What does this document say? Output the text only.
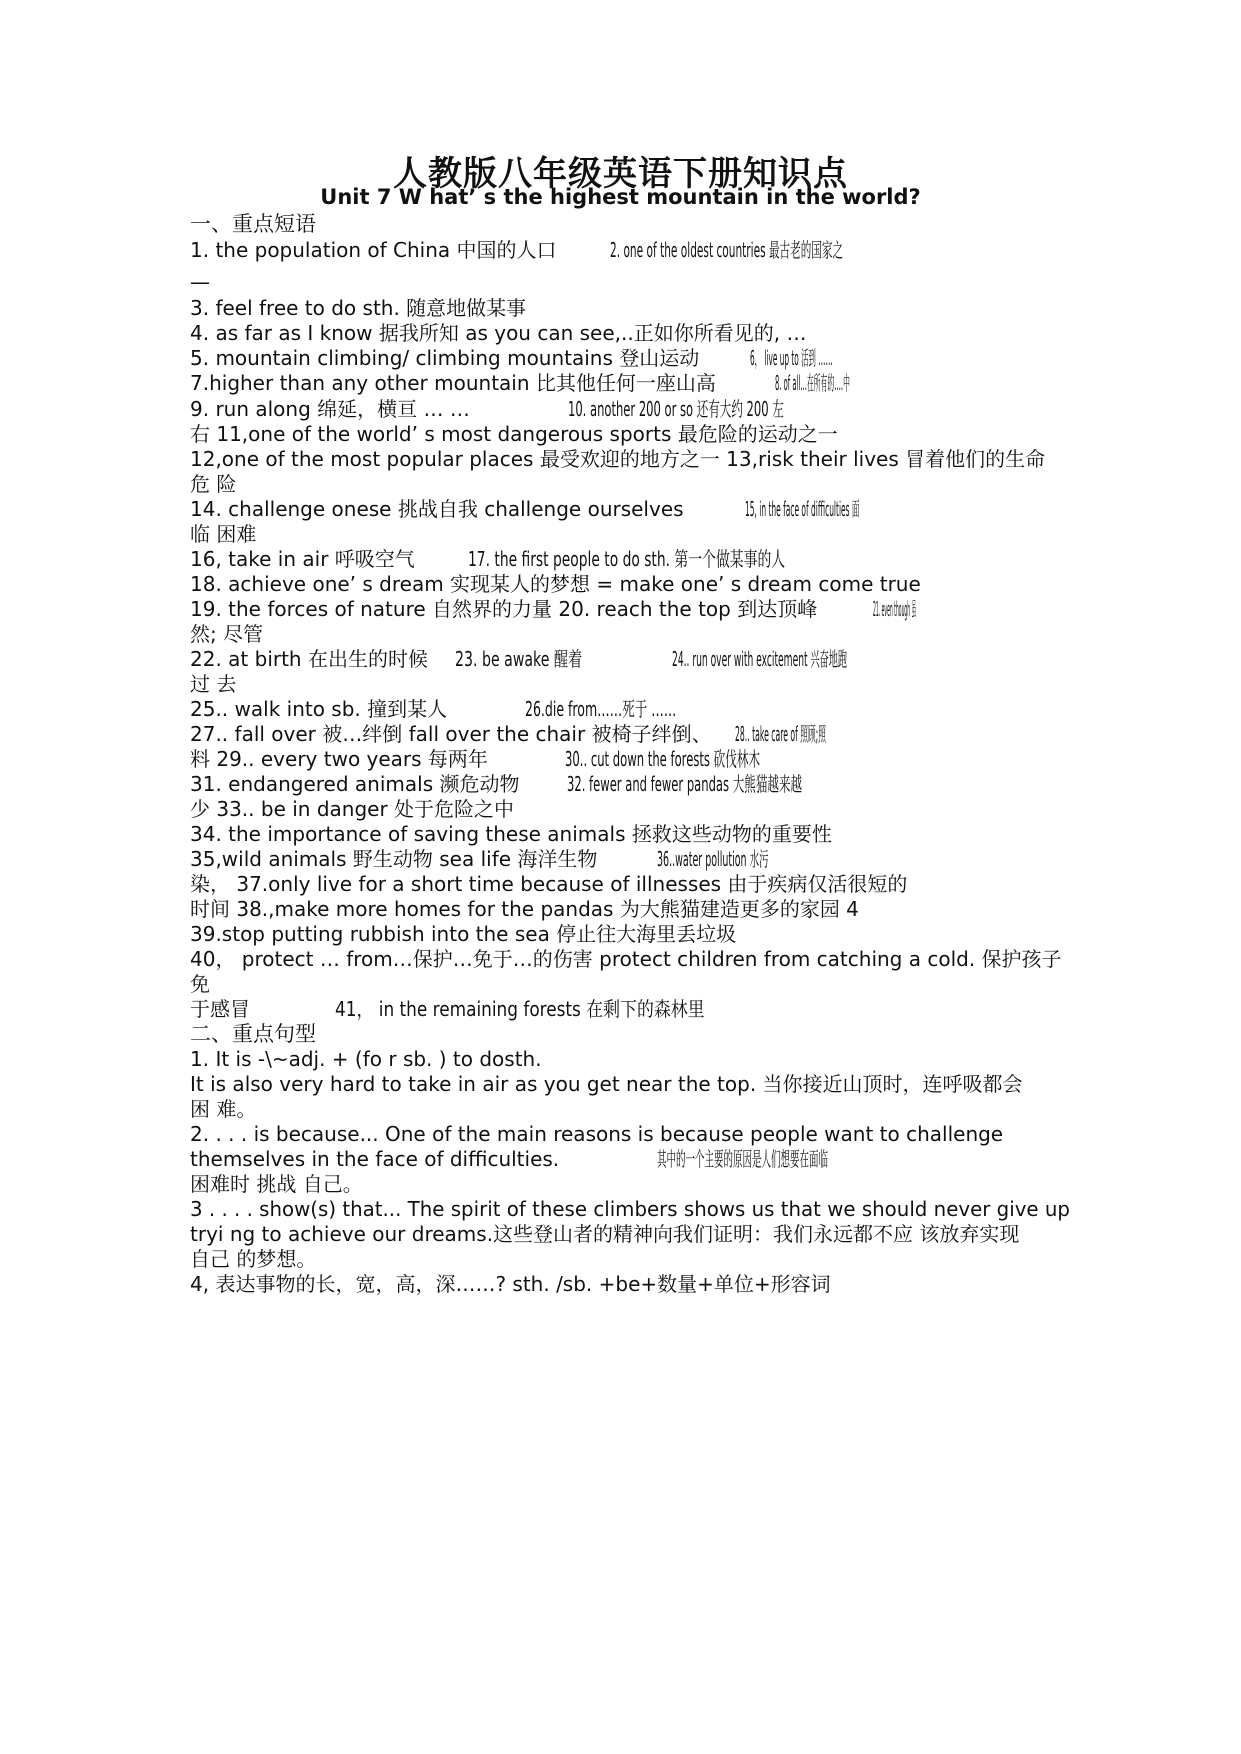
人教版八年级英语下册知识点
Unit 7 W hat’ s the highest mountain in the world?
一、重点短语
1. the population of China 中国的人口	2. one of the oldest countries 最古老的国家之
—
3. feel free to do sth. 随意地做某事
4. as far as I know 据我所知 as you can see,..正如你所看见的, …
5. mountain climbing/ climbing mountains 登山运动	6， live up to 活到 ……
7.higher than any other mountain 比其他任何一座山高	8. of all…在所有的….中
9. run along 绵延，横亘 … …	10. another 200 or so 还有大约 200 左
右 11,one of the world’ s most dangerous sports 最危险的运动之一
12,one of the most popular places 最受欢迎的地方之一 13,risk their lives 冒着他们的生命
危 险
14. challenge onese 挑战自我 challenge ourselves	15, in the face of difficulties 面
临 困难
16, take in air 呼吸空气	17. the first people to do sth. 第一个做某事的人
18. achieve one’ s dream 实现某人的梦想 = make one’ s dream come true
19. the forces of nature 自然界的力量 20. reach the top 到达顶峰	21. even though 虽
然; 尽管
22. at birth 在出生的时候	23. be awake 醒着	24.. run over with excitement 兴奋地跑
过 去
25.. walk into sb. 撞到某人	26.die from……死于 ……
27.. fall over 被…绊倒 fall over the chair 被椅子绊倒、	28.. take care of 照顾;照
料 29.. every two years 每两年	30.. cut down the forests 砍伐林木
31. endangered animals 濒危动物	32. fewer and fewer pandas 大熊猫越来越
少 33.. be in danger 处于危险之中
34. the importance of saving these animals 拯救这些动物的重要性
35,wild animals 野生动物 sea life 海洋生物	36..water pollution 水污
染， 37.only live for a short time because of illnesses 由于疾病仅活很短的
时间 38.,make more homes for the pandas 为大熊猫建造更多的家园 4
39.stop putting rubbish into the sea 停止往大海里丢垃圾
40， protect … from…保护…免于…的伤害 protect children from catching a cold. 保护孩子
免
于感冒	41， in the remaining forests 在剩下的森林里
二、重点句型
1. It is -\~adj. + (fo r sb. ) to dosth.
It is also very hard to take in air as you get near the top. 当你接近山顶时，连呼吸都会
困 难。
2. . . . is because... One of the main reasons is because people want to challenge
themselves in the face of difficulties.	其中的一个主要的原因是人们想要在面临
困难时 挑战 自己。
3 . . . . show(s) that... The spirit of these climbers shows us that we should never give up
tryi ng to achieve our dreams.这些登山者的精神向我们证明：我们永远都不应 该放弃实现
自己 的梦想。
4, 表达事物的长，宽，高，深……? sth. /sb. +be+数量+单位+形容词
